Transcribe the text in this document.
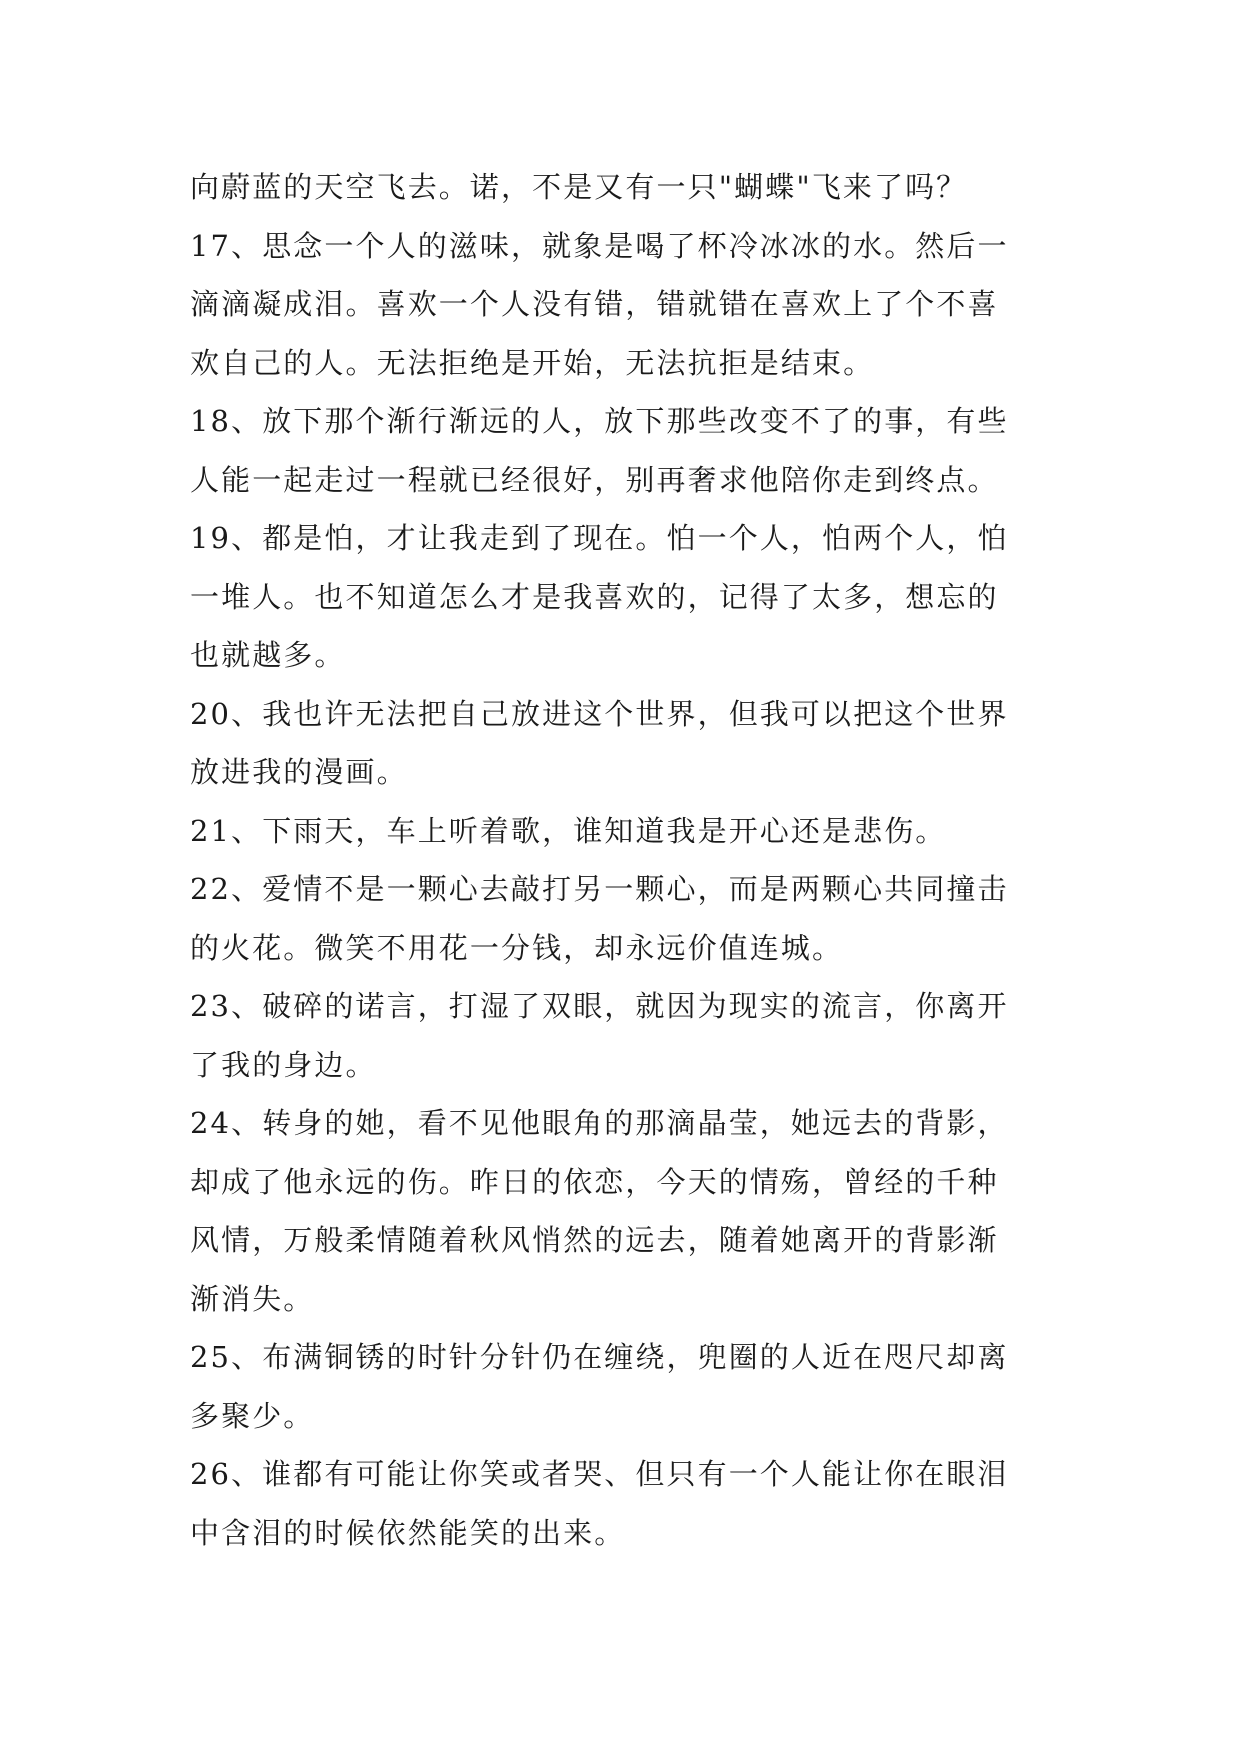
向蔚蓝的天空飞去。诺，不是又有一只"蝴蝶"飞来了吗？
17、思念一个人的滋味，就象是喝了杯冷冰冰的水。然后一
滴滴凝成泪。喜欢一个人没有错，错就错在喜欢上了个不喜
欢自己的人。无法拒绝是开始，无法抗拒是结束。
18、放下那个渐行渐远的人，放下那些改变不了的事，有些
人能一起走过一程就已经很好，别再奢求他陪你走到终点。
19、都是怕，才让我走到了现在。怕一个人，怕两个人，怕
一堆人。也不知道怎么才是我喜欢的，记得了太多，想忘的
也就越多。
20、我也许无法把自己放进这个世界，但我可以把这个世界
放进我的漫画。
21、下雨天，车上听着歌，谁知道我是开心还是悲伤。
22、爱情不是一颗心去敲打另一颗心，而是两颗心共同撞击
的火花。微笑不用花一分钱，却永远价值连城。
23、破碎的诺言，打湿了双眼，就因为现实的流言，你离开
了我的身边。
24、转身的她，看不见他眼角的那滴晶莹，她远去的背影，
却成了他永远的伤。昨日的依恋，今天的情殇，曾经的千种
风情，万般柔情随着秋风悄然的远去，随着她离开的背影渐
渐消失。
25、布满铜锈的时针分针仍在缠绕，兜圈的人近在咫尺却离
多聚少。
26、谁都有可能让你笑或者哭、但只有一个人能让你在眼泪
中含泪的时候依然能笑的出来。
